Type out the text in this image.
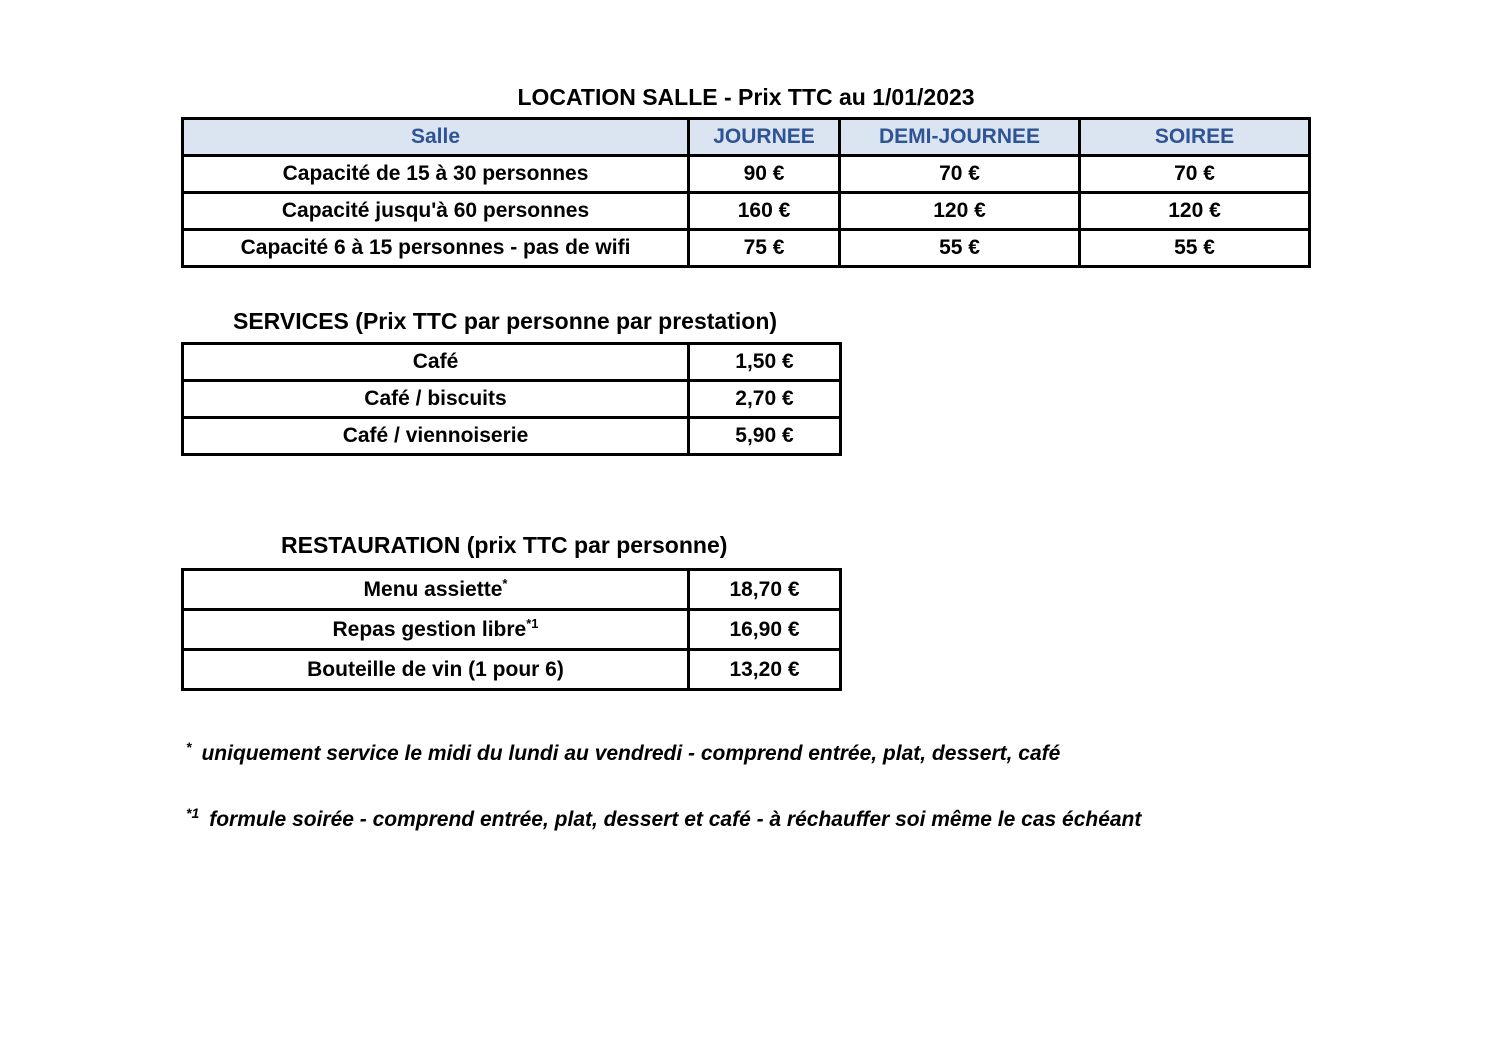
LOCATION SALLE - Prix TTC au 1/01/2023
Salle	JOURNEE	DEMI-JOURNEE	SOIREE
Capacité de 15 à 30 personnes	90 €	70 €	70 €
Capacité jusqu'à 60 personnes	160 €	120 €	120 €
Capacité 6 à 15 personnes - pas de wifi	75 €	55 €	55 €
SERVICES (Prix TTC par personne par prestation)
Café	1,50 €
Café / biscuits	2,70 €
Café / viennoiserie	5,90 €
RESTAURATION (prix TTC par personne)
Menu assiette*	18,70 €
Repas gestion libre$^{*1}$	16,90 €
Bouteille de vin (1 pour 6)	13,20 €
* uniquement service le midi du lundi au vendredi - comprend entrée, plat, dessert, café
$^{*1}$ formule soirée - comprend entrée, plat, dessert et café - à réchauffer soi même le cas échéant
